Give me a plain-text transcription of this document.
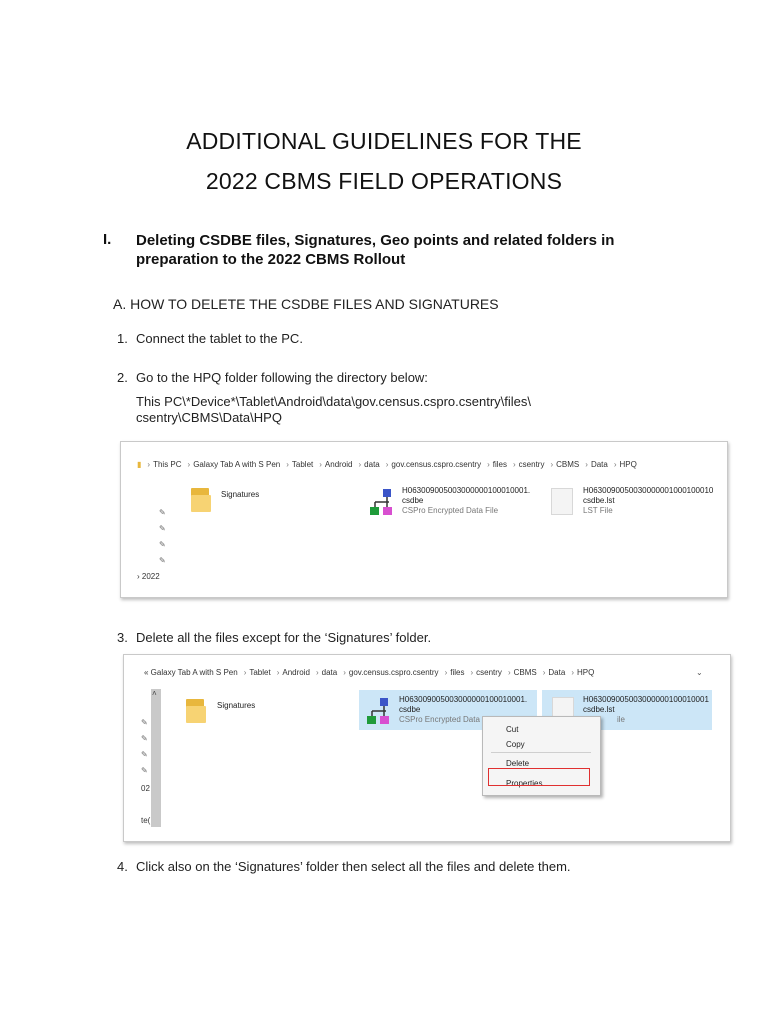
ADDITIONAL GUIDELINES FOR THE
2022 CBMS FIELD OPERATIONS
I. Deleting CSDBE files, Signatures, Geo points and related folders in
preparation to the 2022 CBMS Rollout
A. HOW TO DELETE THE CSDBE FILES AND SIGNATURES
1. Connect the tablet to the PC.
2. Go to the HPQ folder following the directory below:
This PC\*Device*\Tablet\Android\data\gov.census.cspro.csentry\files\
csentry\CBMS\Data\HPQ
▮ › This PC › Galaxy Tab A with S Pen › Tablet › Android › data › gov.census.cspro.csentry › files › csentry › CBMS › Data › HPQ
✎
✎
✎
✎
› 2022
Signatures	H063009005003000000100010001.
csdbe
CSPro Encrypted Data File
H0630090050030000001000100010
csdbe.lst
LST File
3. Delete all the files except for the ‘Signatures’ folder.
« Galaxy Tab A with S Pen › Tablet › Android › data › gov.census.cspro.csentry › files › csentry › CBMS › Data › HPQ	⌄
˄
✎
✎
✎
✎
02
te(
Signatures
H063009005003000000100010001.
csdbe
CSPro Encrypted Data
H063009005003000000100010001
csdbe.lst
ile
Cut
Copy
Delete
Properties
4. Click also on the ‘Signatures’ folder then select all the files and delete them.
